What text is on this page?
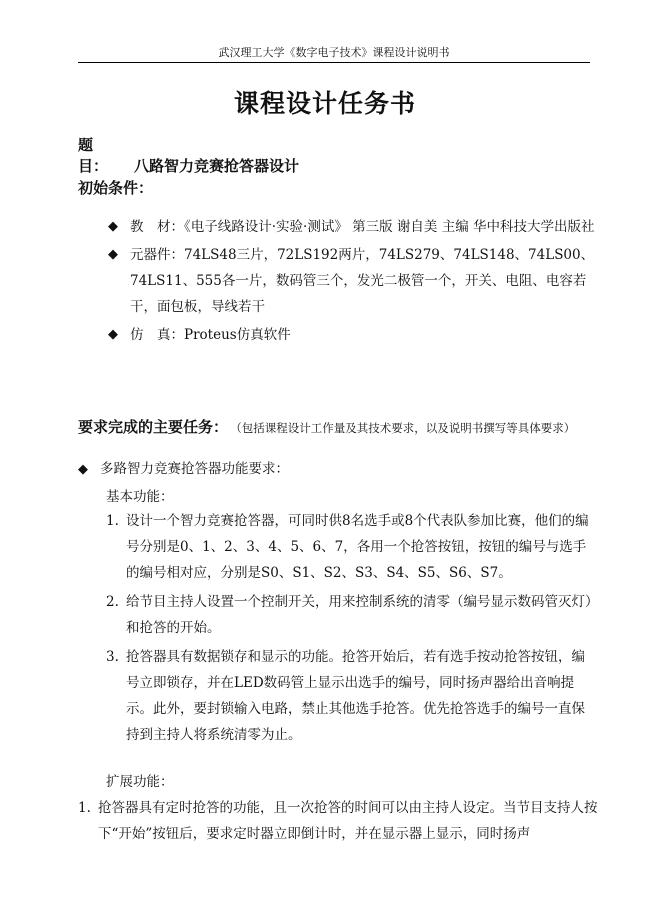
武汉理工大学《数字电子技术》课程设计说明书
课程设计任务书
题　目： 八路智力竞赛抢答器设计
初始条件：
◆ 教　材：《电子线路设计·实验·测试》 第三版 谢自美 主编 华中科技大学出版社
◆ 元器件：74LS48三片，72LS192两片，74LS279、74LS148、74LS00、74LS11、555各一片，数码管三个，发光二极管一个，开关、电阻、电容若干，面包板，导线若干
◆ 仿　真：Proteus仿真软件
要求完成的主要任务： （包括课程设计工作量及其技术要求，以及说明书撰写等具体要求）
◆ 多路智力竞赛抢答器功能要求：
基本功能：
1. 设计一个智力竞赛抢答器，可同时供8名选手或8个代表队参加比赛，他们的编号分别是0、1、2、3、4、5、6、7，各用一个抢答按钮，按钮的编号与选手的编号相对应，分别是S0、S1、S2、S3、S4、S5、S6、S7。
2. 给节目主持人设置一个控制开关，用来控制系统的清零（编号显示数码管灭灯）和抢答的开始。
3. 抢答器具有数据锁存和显示的功能。抢答开始后，若有选手按动抢答按钮，编号立即锁存，并在LED数码管上显示出选手的编号，同时扬声器给出音响提示。此外，要封锁输入电路，禁止其他选手抢答。优先抢答选手的编号一直保持到主持人将系统清零为止。
扩展功能：
1. 抢答器具有定时抢答的功能，且一次抢答的时间可以由主持人设定。当节目支持人按下“开始”按钮后，要求定时器立即倒计时，并在显示器上显示，同时扬声
